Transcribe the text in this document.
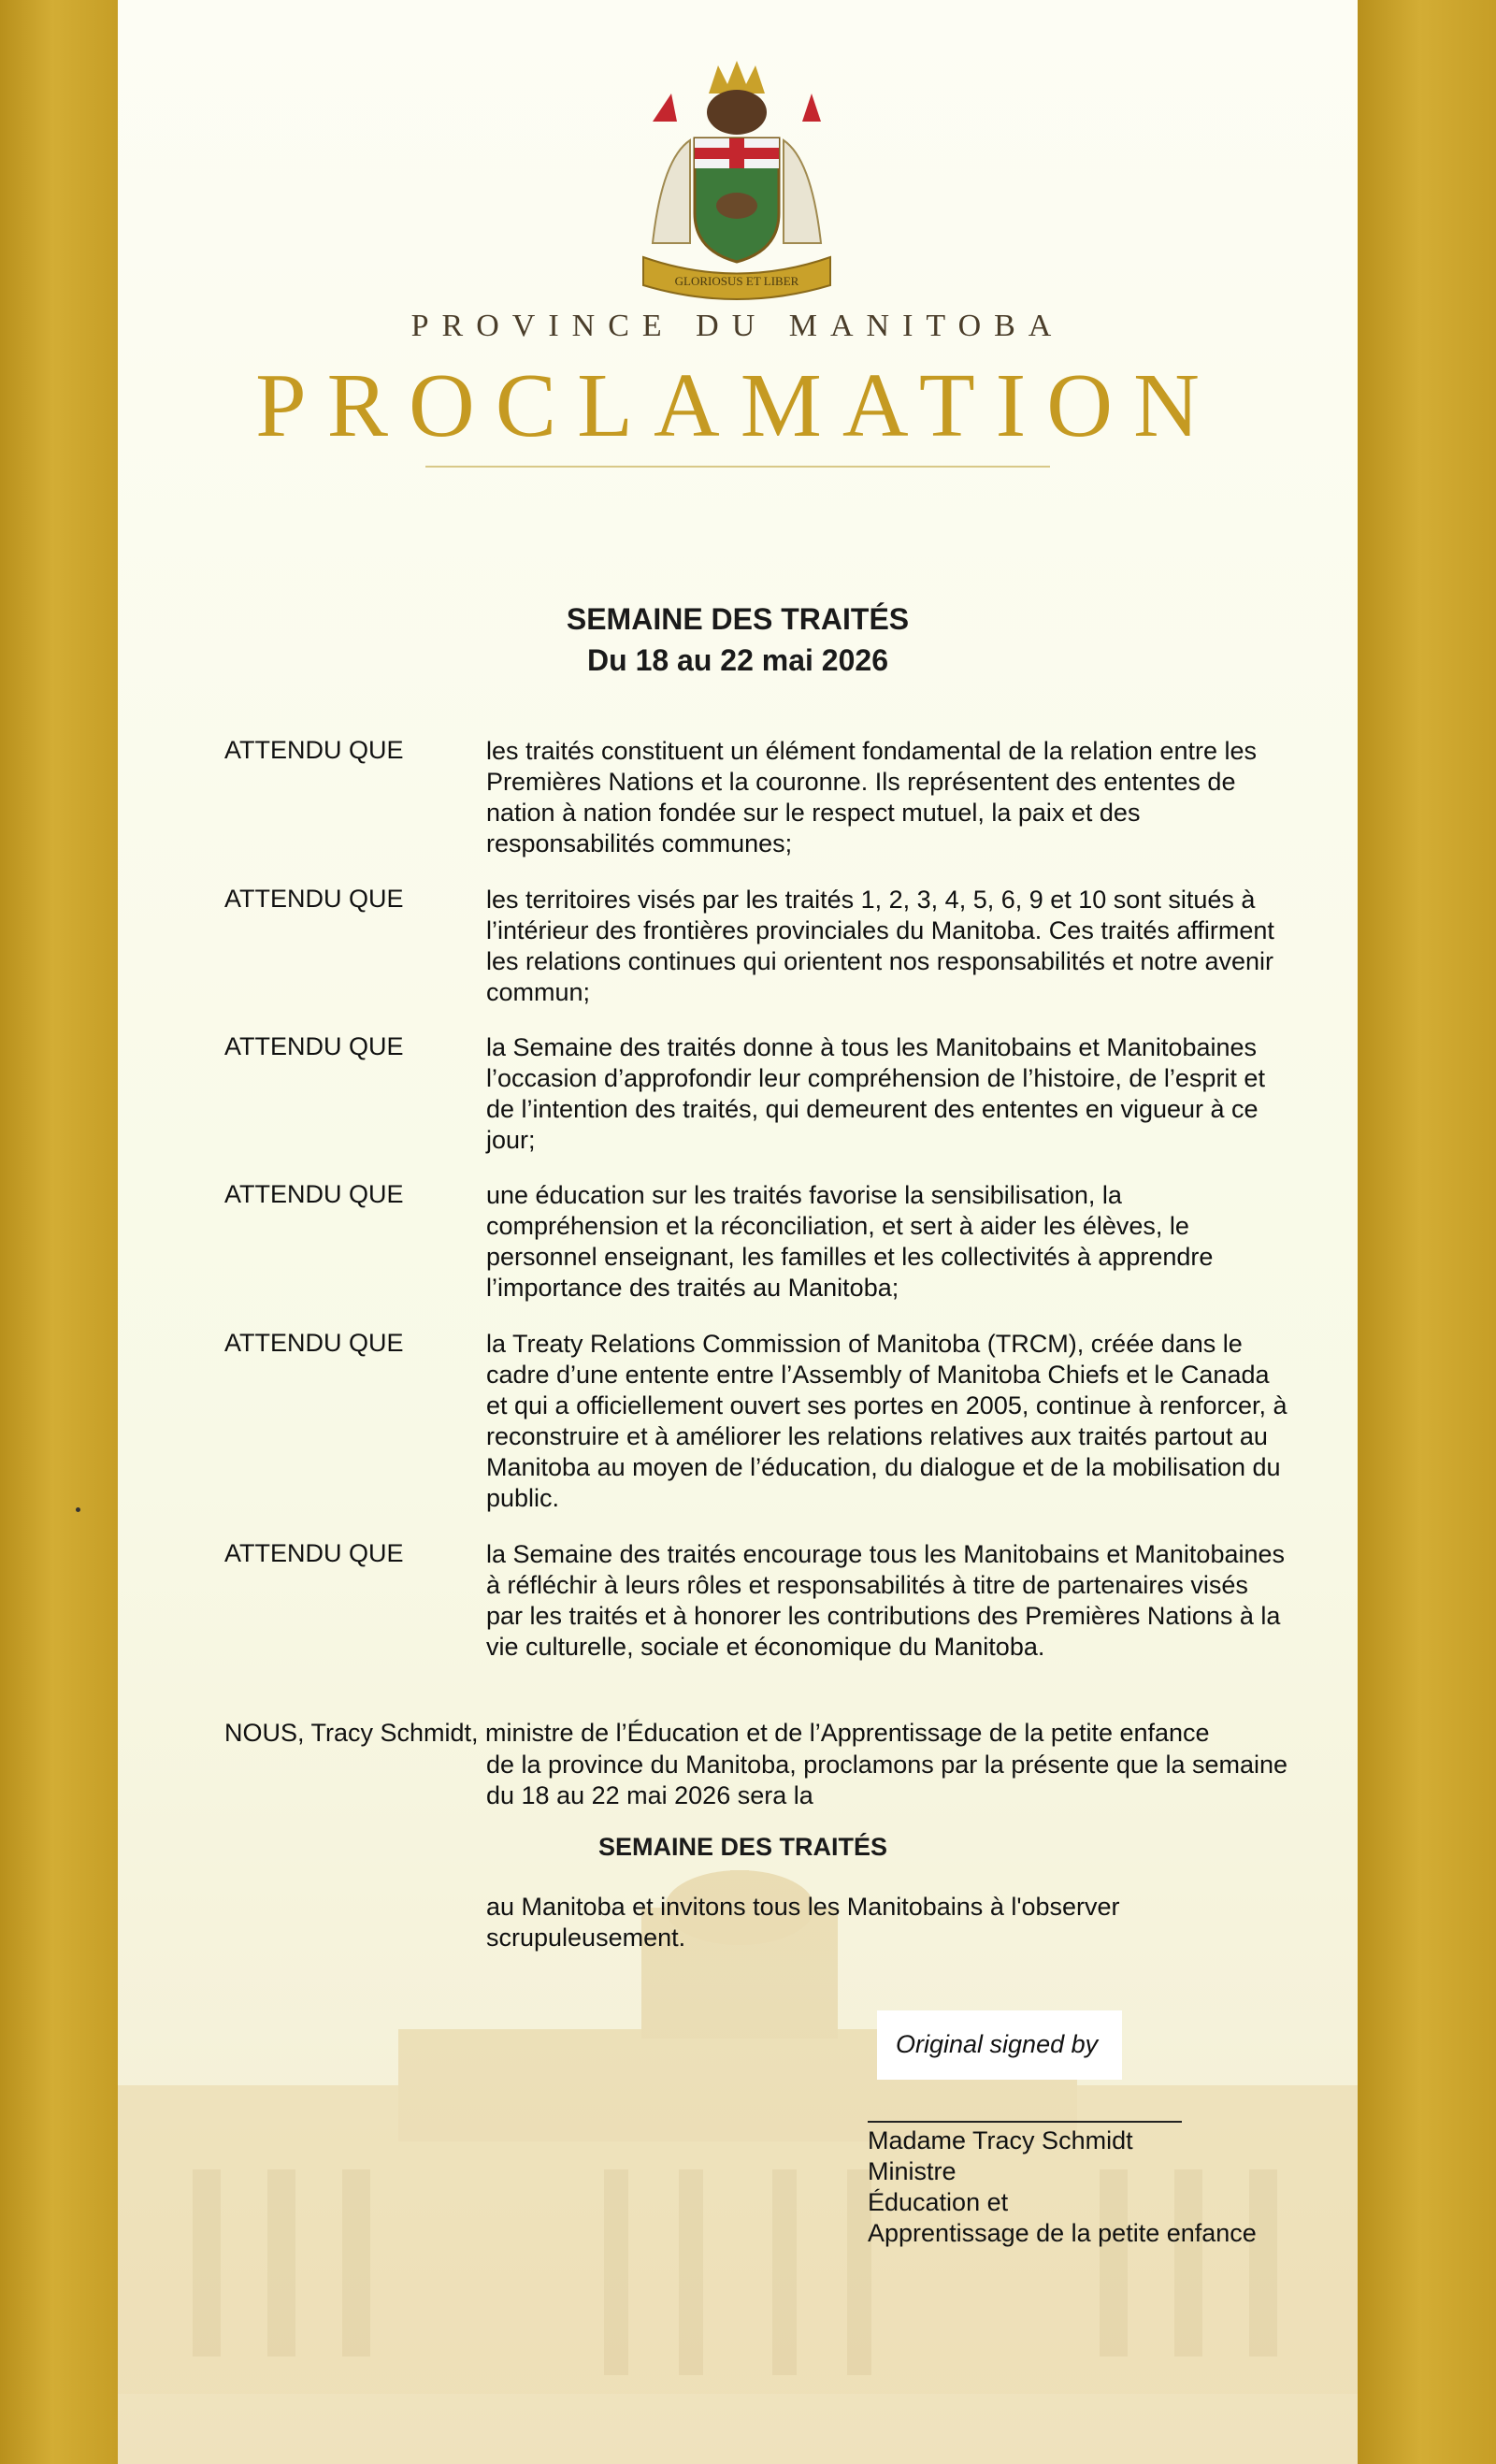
GLORIOSUS ET LIBER
PROVINCE DU MANITOBA
PROCLAMATION
SEMAINE DES TRAITÉS
Du 18 au 22 mai 2026
ATTENDU QUE	les traités constituent un élément fondamental de la relation entre les Premières Nations et la couronne. Ils représentent des ententes de nation à nation fondée sur le respect mutuel, la paix et des responsabilités communes;
ATTENDU QUE	les territoires visés par les traités 1, 2, 3, 4, 5, 6, 9 et 10 sont situés à l’intérieur des frontières provinciales du Manitoba. Ces traités affirment les relations continues qui orientent nos responsabilités et notre avenir commun;
ATTENDU QUE	la Semaine des traités donne à tous les Manitobains et Manitobaines l’occasion d’approfondir leur compréhension de l’histoire, de l’esprit et de l’intention des traités, qui demeurent des ententes en vigueur à ce jour;
ATTENDU QUE	une éducation sur les traités favorise la sensibilisation, la compréhension et la réconciliation, et sert à aider les élèves, le personnel enseignant, les familles et les collectivités à apprendre l’importance des traités au Manitoba;
ATTENDU QUE	la Treaty Relations Commission of Manitoba (TRCM), créée dans le cadre d’une entente entre l’Assembly of Manitoba Chiefs et le Canada et qui a officiellement ouvert ses portes en 2005, continue à renforcer, à reconstruire et à améliorer les relations relatives aux traités partout au Manitoba au moyen de l’éducation, du dialogue et de la mobilisation du public.
ATTENDU QUE	la Semaine des traités encourage tous les Manitobains et Manitobaines à réfléchir à leurs rôles et responsabilités à titre de partenaires visés par les traités et à honorer les contributions des Premières Nations à la vie culturelle, sociale et économique du Manitoba.
NOUS, Tracy Schmidt, ministre de l’Éducation et de l’Apprentissage de la petite enfance
de la province du Manitoba, proclamons par la présente que la semaine du 18 au 22 mai 2026 sera la
SEMAINE DES TRAITÉS
au Manitoba et invitons tous les Manitobains à l'observer scrupuleusement.
Original signed by
Madame Tracy Schmidt
Ministre
Éducation et
Apprentissage de la petite enfance
